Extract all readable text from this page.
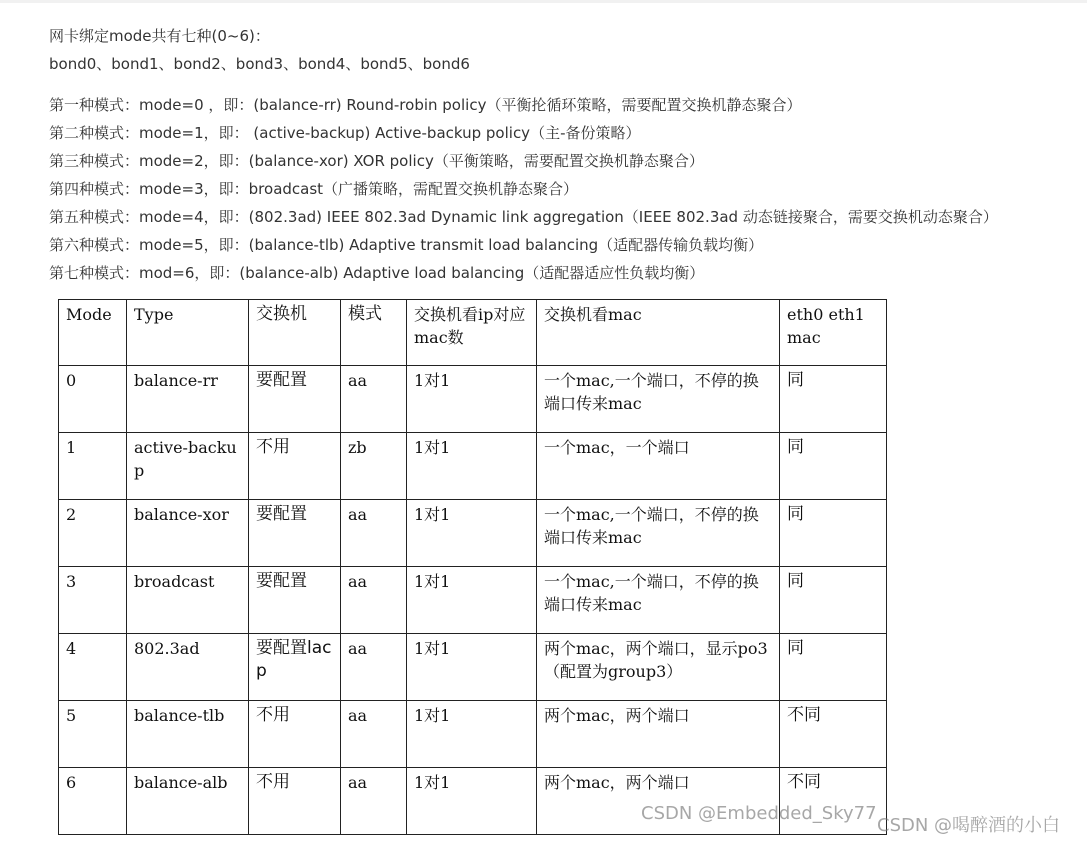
网卡绑定mode共有七种(0~6)：
bond0、bond1、bond2、bond3、bond4、bond5、bond6
第一种模式：mode=0 ，即：(balance-rr) Round-robin policy（平衡抡循环策略，需要配置交换机静态聚合）
第二种模式：mode=1，即： (active-backup) Active-backup policy（主-备份策略）
第三种模式：mode=2，即：(balance-xor) XOR policy（平衡策略，需要配置交换机静态聚合）
第四种模式：mode=3，即：broadcast（广播策略，需配置交换机静态聚合）
第五种模式：mode=4，即：(802.3ad) IEEE 802.3ad Dynamic link aggregation（IEEE 802.3ad 动态链接聚合，需要交换机动态聚合）
第六种模式：mode=5，即：(balance-tlb) Adaptive transmit load balancing（适配器传输负载均衡）
第七种模式：mod=6，即：(balance-alb) Adaptive load balancing（适配器适应性负载均衡）
Mode	Type	交换机	模式	交换机看ip对应mac数	交换机看mac	eth0 eth1 mac
0	balance-rr	要配置	aa	1对1	一个mac,一个端口，不停的换端口传来mac	同
1	active-backup	不用	zb	1对1	一个mac，一个端口	同
2	balance-xor	要配置	aa	1对1	一个mac,一个端口，不停的换端口传来mac	同
3	broadcast	要配置	aa	1对1	一个mac,一个端口，不停的换端口传来mac	同
4	802.3ad	要配置lacp	aa	1对1	两个mac，两个端口，显示po3（配置为group3）	同
5	balance-tlb	不用	aa	1对1	两个mac，两个端口	不同
6	balance-alb	不用	aa	1对1	两个mac，两个端口	不同
CSDN @Embedded_Sky77
CSDN @喝醉酒的小白
